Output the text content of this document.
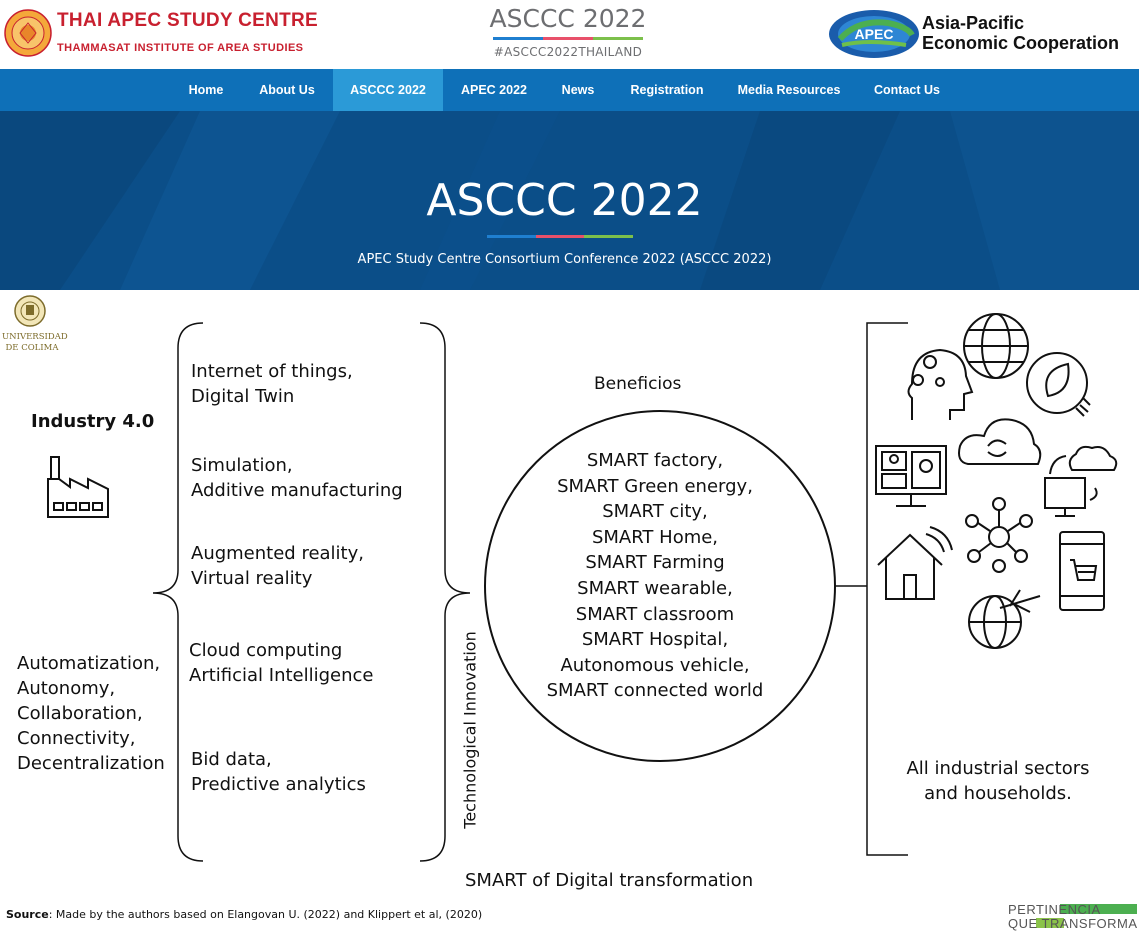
THAI APEC STUDY CENTRE
THAMMASAT INSTITUTE OF AREA STUDIES
ASCCC 2022
#ASCCC2022THAILAND
APEC
Asia-Pacific
Economic Cooperation
Home	About Us	ASCCC 2022	APEC 2022	News	Registration	Media Resources	Contact Us
ASCCC 2022
APEC Study Centre Consortium Conference 2022 (ASCCC 2022)
UNIVERSIDAD
DE COLIMA
Industry 4.0
Automatization,
Autonomy,
Collaboration,
Connectivity,
Decentralization
Internet of things,
Digital Twin
Simulation,
Additive manufacturing
Augmented reality,
Virtual reality
Cloud computing
Artificial Intelligence
Bid data,
Predictive analytics	Technological Innovation
Beneficios
SMART factory,
SMART Green energy,
SMART city,
SMART Home,
SMART Farming
SMART wearable,
SMART classroom
SMART Hospital,
Autonomous vehicle,
SMART connected world
All industrial sectors
and households.
SMART of Digital transformation
Source: Made by the authors based on Elangovan U. (2022) and Klippert et al, (2020)	PERTINENCIA
QUE TRANSFORMA
